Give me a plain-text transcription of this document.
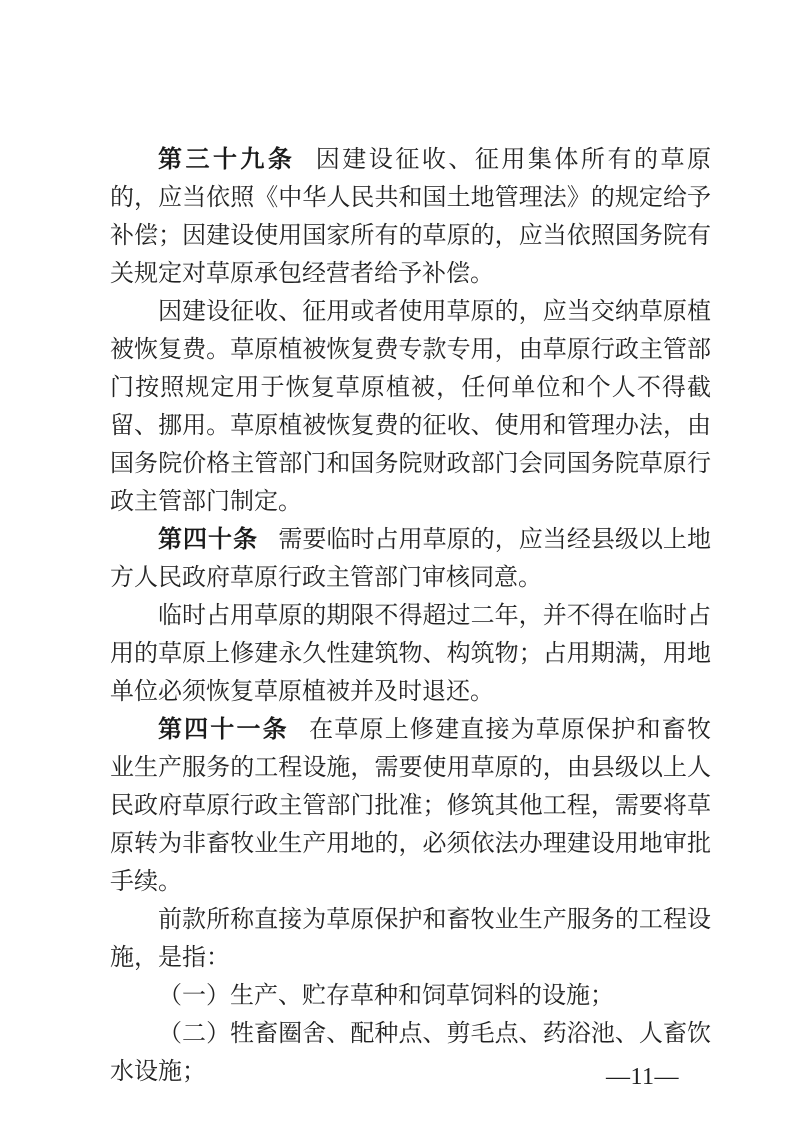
第三十九条 因建设征收、征用集体所有的草原的，应当依照《中华人民共和国土地管理法》的规定给予补偿；因建设使用国家所有的草原的，应当依照国务院有关规定对草原承包经营者给予补偿。

因建设征收、征用或者使用草原的，应当交纳草原植被恢复费。草原植被恢复费专款专用，由草原行政主管部门按照规定用于恢复草原植被，任何单位和个人不得截留、挪用。草原植被恢复费的征收、使用和管理办法，由国务院价格主管部门和国务院财政部门会同国务院草原行政主管部门制定。

第四十条 需要临时占用草原的，应当经县级以上地方人民政府草原行政主管部门审核同意。

临时占用草原的期限不得超过二年，并不得在临时占用的草原上修建永久性建筑物、构筑物；占用期满，用地单位必须恢复草原植被并及时退还。

第四十一条 在草原上修建直接为草原保护和畜牧业生产服务的工程设施，需要使用草原的，由县级以上人民政府草原行政主管部门批准；修筑其他工程，需要将草原转为非畜牧业生产用地的，必须依法办理建设用地审批手续。

前款所称直接为草原保护和畜牧业生产服务的工程设施，是指：

（一）生产、贮存草种和饲草饲料的设施；

（二）牲畜圈舍、配种点、剪毛点、药浴池、人畜饮水设施；	—11—
